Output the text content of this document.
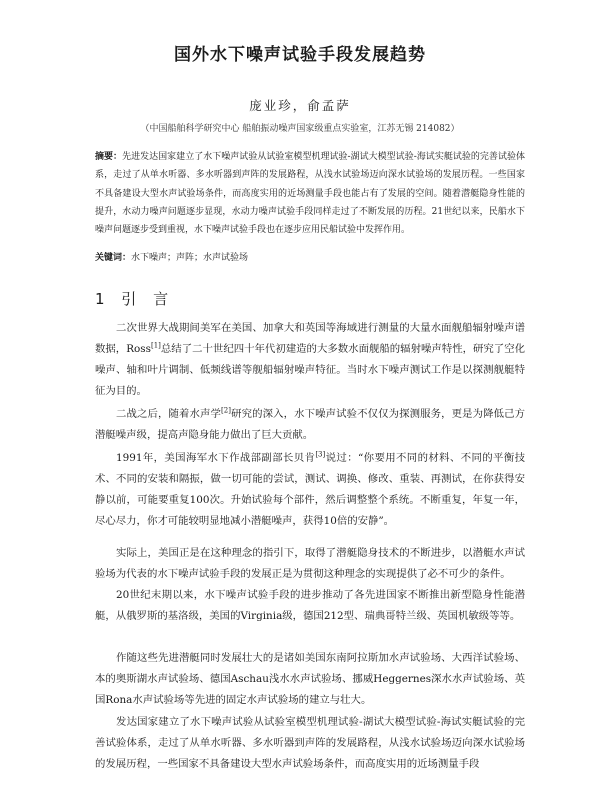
国外水下噪声试验手段发展趋势
庞业珍，俞孟萨
（中国船舶科学研究中心 船舶振动噪声国家级重点实验室，江苏无锡 214082）

摘要：先进发达国家建立了水下噪声试验从试验室模型机理试验-湖试大模型试验-海试实艇试验的完善试验体系，走过了从单水听器、多水听器到声阵的发展路程，从浅水试验场迈向深水试验场的发展历程。一些国家不具备建设大型水声试验场条件，而高度实用的近场测量手段也能占有了发展的空间。随着潜艇隐身性能的提升，水动力噪声问题逐步显现，水动力噪声试验手段同样走过了不断发展的历程。21世纪以来，民船水下噪声问题逐步受到重视，水下噪声试验手段也在逐步应用民船试验中发挥作用。

关键词：水下噪声；声阵；水声试验场

1 引 言

二次世界大战期间美军在美国、加拿大和英国等海域进行测量的大量水面舰船辐射噪声谱数据，Ross[1]总结了二十世纪四十年代初建造的大多数水面舰船的辐射噪声特性，研究了空化噪声、轴和叶片调制、低频线谱等舰船辐射噪声特征。当时水下噪声测试工作是以探测舰艇特征为目的。

二战之后，随着水声学[2]研究的深入，水下噪声试验不仅仅为探测服务，更是为降低己方潜艇噪声级，提高声隐身能力做出了巨大贡献。

1991年，美国海军水下作战部副部长贝肯[3]说过：“你要用不同的材料、不同的平衡技术、不同的安装和隔振，做一切可能的尝试，测试、调换、修改、重装、再测试，在你获得安静以前，可能要重复100次。升始试验每个部件，然后调整整个系统。不断重复，年复一年，尽心尽力，你才可能较明显地减小潜艇噪声，获得10倍的安静”。

实际上，美国正是在这种理念的指引下，取得了潜艇隐身技术的不断进步，以潜艇水声试验场为代表的水下噪声试验手段的发展正是为贯彻这种理念的实现提供了必不可少的条件。

20世纪末期以来，水下噪声试验手段的进步推动了各先进国家不断推出新型隐身性能潜艇，从俄罗斯的基洛级，美国的Virginia级，德国212型、瑞典哥特兰级、英国机敏级等等。

作随这些先进潜艇同时发展壮大的是诸如美国东南阿拉斯加水声试验场、大西洋试验场、本的奥斯湖水声试验场、德国Aschau浅水水声试验场、挪威Heggernes深水水声试验场、英国Rona水声试验场等先进的固定水声试验场的建立与壮大。

发达国家建立了水下噪声试验从试验室模型机理试验-湖试大模型试验-海试实艇试验的完善试验体系，走过了从单水听器、多水听器到声阵的发展路程，从浅水试验场迈向深水试验场的发展历程，一些国家不具备建设大型水声试验场条件，而高度实用的近场测量手段
